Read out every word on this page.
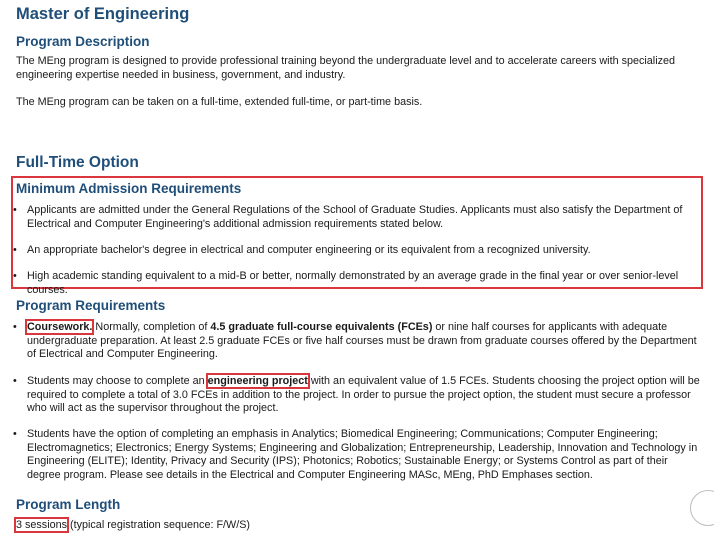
Master of Engineering
Program Description
The MEng program is designed to provide professional training beyond the undergraduate level and to accelerate careers with specialized engineering expertise needed in business, government, and industry.
The MEng program can be taken on a full-time, extended full-time, or part-time basis.
Full-Time Option
Minimum Admission Requirements
• Applicants are admitted under the General Regulations of the School of Graduate Studies. Applicants must also satisfy the Department of Electrical and Computer Engineering's additional admission requirements stated below.
• An appropriate bachelor's degree in electrical and computer engineering or its equivalent from a recognized university.
• High academic standing equivalent to a mid-B or better, normally demonstrated by an average grade in the final year or over senior-level courses.
Program Requirements
• Coursework. Normally, completion of 4.5 graduate full-course equivalents (FCEs) or nine half courses for applicants with adequate undergraduate preparation. At least 2.5 graduate FCEs or five half courses must be drawn from graduate courses offered by the Department of Electrical and Computer Engineering.
• Students may choose to complete an engineering project with an equivalent value of 1.5 FCEs. Students choosing the project option will be required to complete a total of 3.0 FCEs in addition to the project. In order to pursue the project option, the student must secure a professor who will act as the supervisor throughout the project.
• Students have the option of completing an emphasis in Analytics; Biomedical Engineering; Communications; Computer Engineering; Electromagnetics; Electronics; Energy Systems; Engineering and Globalization; Entrepreneurship, Leadership, Innovation and Technology in Engineering (ELITE); Identity, Privacy and Security (IPS); Photonics; Robotics; Sustainable Energy; or Systems Control as part of their degree program. Please see details in the Electrical and Computer Engineering MASc, MEng, PhD Emphases section.
Program Length
3 sessions (typical registration sequence: F/W/S)
